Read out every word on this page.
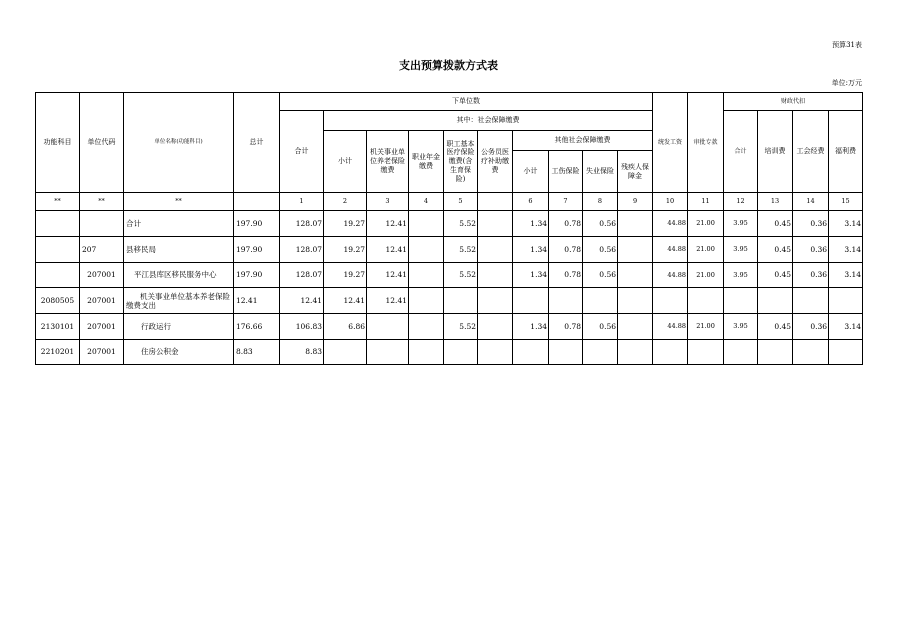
预算31表
支出预算拨款方式表
单位:万元
功能科目	单位代码	单位名称(功能科目)	总计	下单位数										统发工资	审批专款	财政代扣			
				合计	其中：社会保障缴费											合计	培训费	工会经费	福利费
					小计	机关事业单位养老保险缴费	职业年金缴费	职工基本医疗保险缴费(含生育保险)	公务员医疗补助缴费	其他社会保障缴费									
										小计	工伤保险	失业保险	残疾人保障金						
**	**	**		1	2	3	4	5		6	7	8	9	10	11	12	13	14	15
		合计	197.90	128.07	19.27	12.41		5.52		1.34	0.78	0.56		44.88	21.00	3.95	0.45	0.36	3.14
	207	县移民局	197.90	128.07	19.27	12.41		5.52		1.34	0.78	0.56		44.88	21.00	3.95	0.45	0.36	3.14
	207001	平江县库区移民服务中心	197.90	128.07	19.27	12.41		5.52		1.34	0.78	0.56		44.88	21.00	3.95	0.45	0.36	3.14
2080505	207001	机关事业单位基本养老保险缴费支出	12.41	12.41	12.41	12.41													
2130101	207001	行政运行	176.66	106.83	6.86			5.52		1.34	0.78	0.56		44.88	21.00	3.95	0.45	0.36	3.14
2210201	207001	住房公积金	8.83	8.83															
